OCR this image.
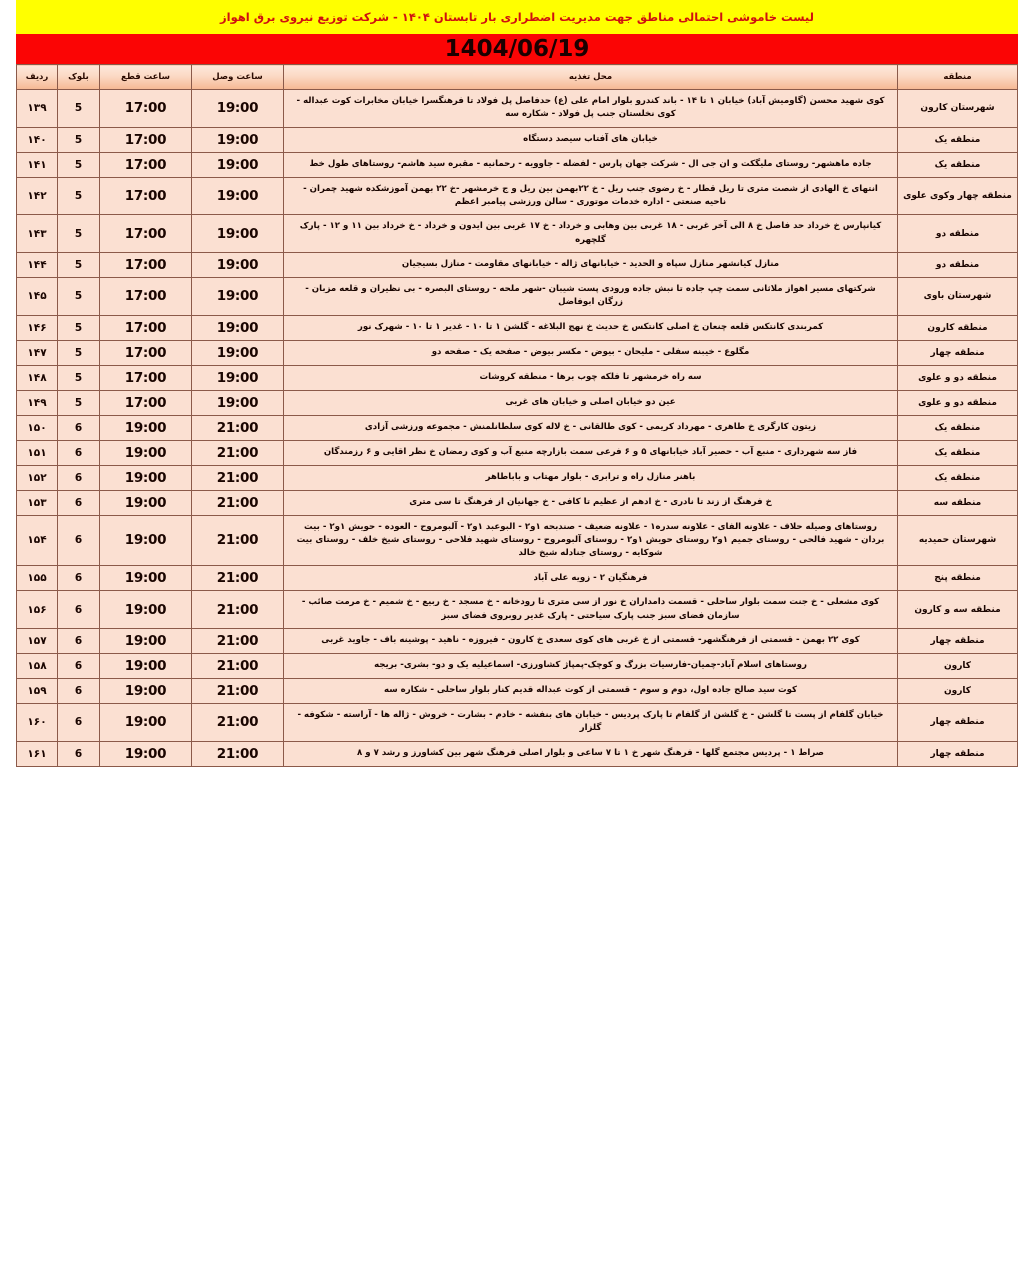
لیست خاموشی احتمالی مناطق جهت مدیریت اضطراری بار تابستان ۱۴۰۴ - شرکت توزیع نیروی برق اهواز
1404/06/19
منطقه	محل تغذیه	ساعت وصل	ساعت قطع	بلوک	ردیف
شهرستان کارون	کوی شهید محسن (گاومیش آباد) خیابان ۱ تا ۱۴ - باند کندرو بلوار امام علی (ع) حدفاصل پل فولاد تا فرهنگسرا خیابان مخابرات کوت عبداله - کوی نخلستان جنب پل فولاد - شکاره سه	19:00	17:00	5	۱۳۹
منطقه یک	خیابان های آفتاب سیصد دستگاه	19:00	17:00	5	۱۴۰
منطقه یک	جاده ماهشهر- روستای ملیگکت و ان جی ال - شرکت جهان پارس - لفضله - جاوویه - رحمانیه - مقبره سید هاشم- روستاهای طول خط	19:00	17:00	5	۱۴۱
منطقه چهار وکوی علوی	انتهای خ الهادی از شصت متری تا ریل قطار - خ رضوی جنب ریل - خ ۲۲بهمن بین ریل و ج خرمشهر -خ ۲۲ بهمن آموزشکده شهید چمران - ناحیه صنعتی - اداره خدمات موتوری - سالن ورزشی پیامبر اعظم	19:00	17:00	5	۱۴۲
منطقه دو	کیانپارس خ خرداد حد فاصل خ ۸ الی آخر غربی - ۱۸ غربی بین وهابی و خرداد - خ ۱۷ غربی بین ایدون و خرداد - خ خرداد بین ۱۱ و ۱۲ - پارک گلچهره	19:00	17:00	5	۱۴۳
منطقه دو	منازل کیانشهر منازل سپاه و الحدید - خیابانهای ژاله - خیابانهای مقاومت - منازل بسیجیان	19:00	17:00	5	۱۴۴
شهرستان باوی	شرکتهای مسیر اهواز ملاثانی سمت چپ جاده تا نبش جاده ورودی پست شیبان -شهر ملحه - روستای البصره - بی نظیران و قلعه مزبان - زرگان ابوفاضل	19:00	17:00	5	۱۴۵
منطقه کارون	کمربندی کانتکس قلعه چنعان خ اصلی کانتکس خ حدیث خ نهج البلاغه - گلشن ۱ تا ۱۰ - غدیر ۱ تا ۱۰ - شهرک نور	19:00	17:00	5	۱۴۶
منطقه چهار	مگلوع - خیبنه سفلی - ملیحان - بیوض - مکسر بیوض - صفحه یک - صفحه دو	19:00	17:00	5	۱۴۷
منطقه دو و علوی	سه راه خرمشهر تا فلکه چوب برها - منطقه کروشات	19:00	17:00	5	۱۴۸
منطقه دو و علوی	عین دو خیابان اصلی و خیابان های غربی	19:00	17:00	5	۱۴۹
منطقه یک	زیتون کارگری خ طاهری - مهرداد کریمی - کوی طالقانی - خ لاله کوی سلطانلمنش - مجموعه ورزشی آزادی	21:00	19:00	6	۱۵۰
منطقه یک	فاز سه شهرداری - منبع آب - حصیر آباد خیابانهای ۵ و ۶ فرعی سمت بازارچه منبع آب و کوی رمضان خ نظر اقایی و ۶ رزمندگان	21:00	19:00	6	۱۵۱
منطقه یک	باهنر منازل راه و ترابری - بلوار مهتاب و باباطاهر	21:00	19:00	6	۱۵۲
منطقه سه	خ فرهنگ از زند تا نادری - خ ادهم از عظیم تا کافی - خ جهانیان از فرهنگ تا سی متری	21:00	19:00	6	۱۵۳
شهرستان حمیدیه	روستاهای وصیله حلاف - علاونه الفای - علاونه سدره۱ - علاونه ضعیف - صندبحه ۱و۲ - البوعبد ۱و۲ - آلبومروح - العوده - حویش ۱و۲ - بیت بردان - شهید فالحی - روستای جمیم ۱و۲ روستای حویش ۱و۲ - روستای آلبومروح - روستای شهید فلاحی - روستای شیخ خلف - روستای بیت شوکایه - روستای جنادله شیخ خالد	21:00	19:00	6	۱۵۴
منطقه پنج	فرهنگیان ۲ - زویه علی آباد	21:00	19:00	6	۱۵۵
منطقه سه و کارون	کوی مشعلی - خ جنت سمت بلوار ساحلی - قسمت دامداران خ نور از سی متری تا رودخانه - خ مسجد - خ ربیع - خ شمیم - خ مرمت صائب - سازمان فضای سبز جنب پارک سیاحتی - پارک غدیر روبروی فضای سبز	21:00	19:00	6	۱۵۶
منطقه چهار	کوی ۲۲ بهمن - قسمتی از فرهنگشهر- قسمتی از خ غربی های کوی سعدی خ کارون - فیروزه - ناهید - پوشینه باف - جاوید غربی	21:00	19:00	6	۱۵۷
کارون	روستاهای اسلام آباد-چمیان-فارسیات بزرگ و کوچک-پمپاژ کشاورزی- اسماعیلیه یک و دو- بشری- بریجه	21:00	19:00	6	۱۵۸
کارون	کوت سید صالح جاده اول، دوم و سوم - قسمتی از کوت عبداله قدیم کنار بلوار ساحلی - شکاره سه	21:00	19:00	6	۱۵۹
منطقه چهار	خیابان گلفام از پست تا گلشن - خ گلشن از گلفام تا پارک پردیس - خیابان های بنفشه - خادم - بشارت - خروش - ژاله ها - آراسته - شکوفه - گلزار	21:00	19:00	6	۱۶۰
منطقه چهار	صراط ۱ - پردیس مجتمع گلها - فرهنگ شهر خ ۱ تا ۷ ساعی و بلوار اصلی فرهنگ شهر بین کشاورز و رشد ۷ و ۸	21:00	19:00	6	۱۶۱
